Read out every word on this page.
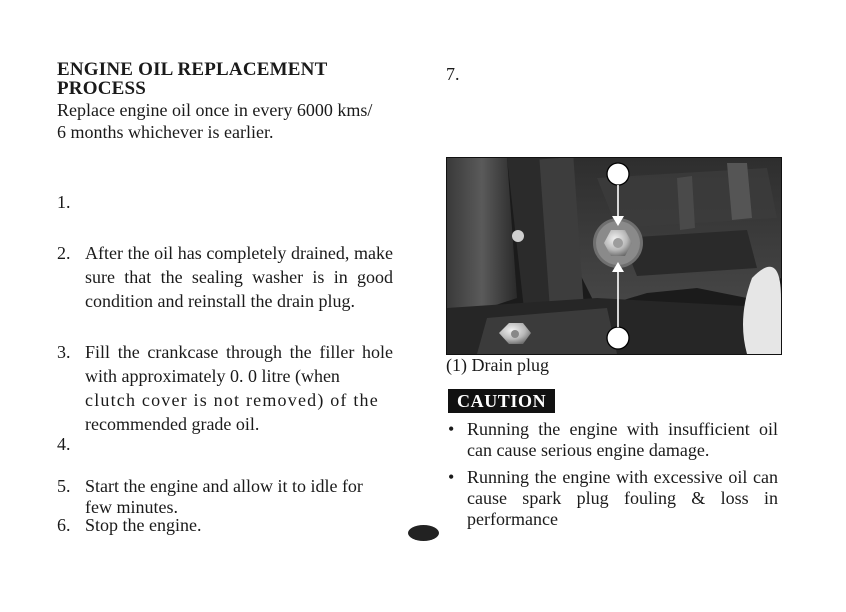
ENGINE OIL REPLACEMENT
PROCESS
Replace engine oil once in every 6000 kms/
6 months whichever is earlier.
1.
2. After the oil has completely drained, make sure that the sealing washer is in good condition and reinstall the drain plug.
3. Fill the crankcase through the filler hole with approximately 0. 0 litre (when
clutch cover is not removed) of the
recommended grade oil.
4.
5. Start the engine and allow it to idle for
few minutes.
6. Stop the engine.
7.
(1) Drain plug
CAUTION
• Running the engine with insufficient oil can cause serious engine damage.
• Running the engine with excessive oil can cause spark plug fouling & loss in performance
